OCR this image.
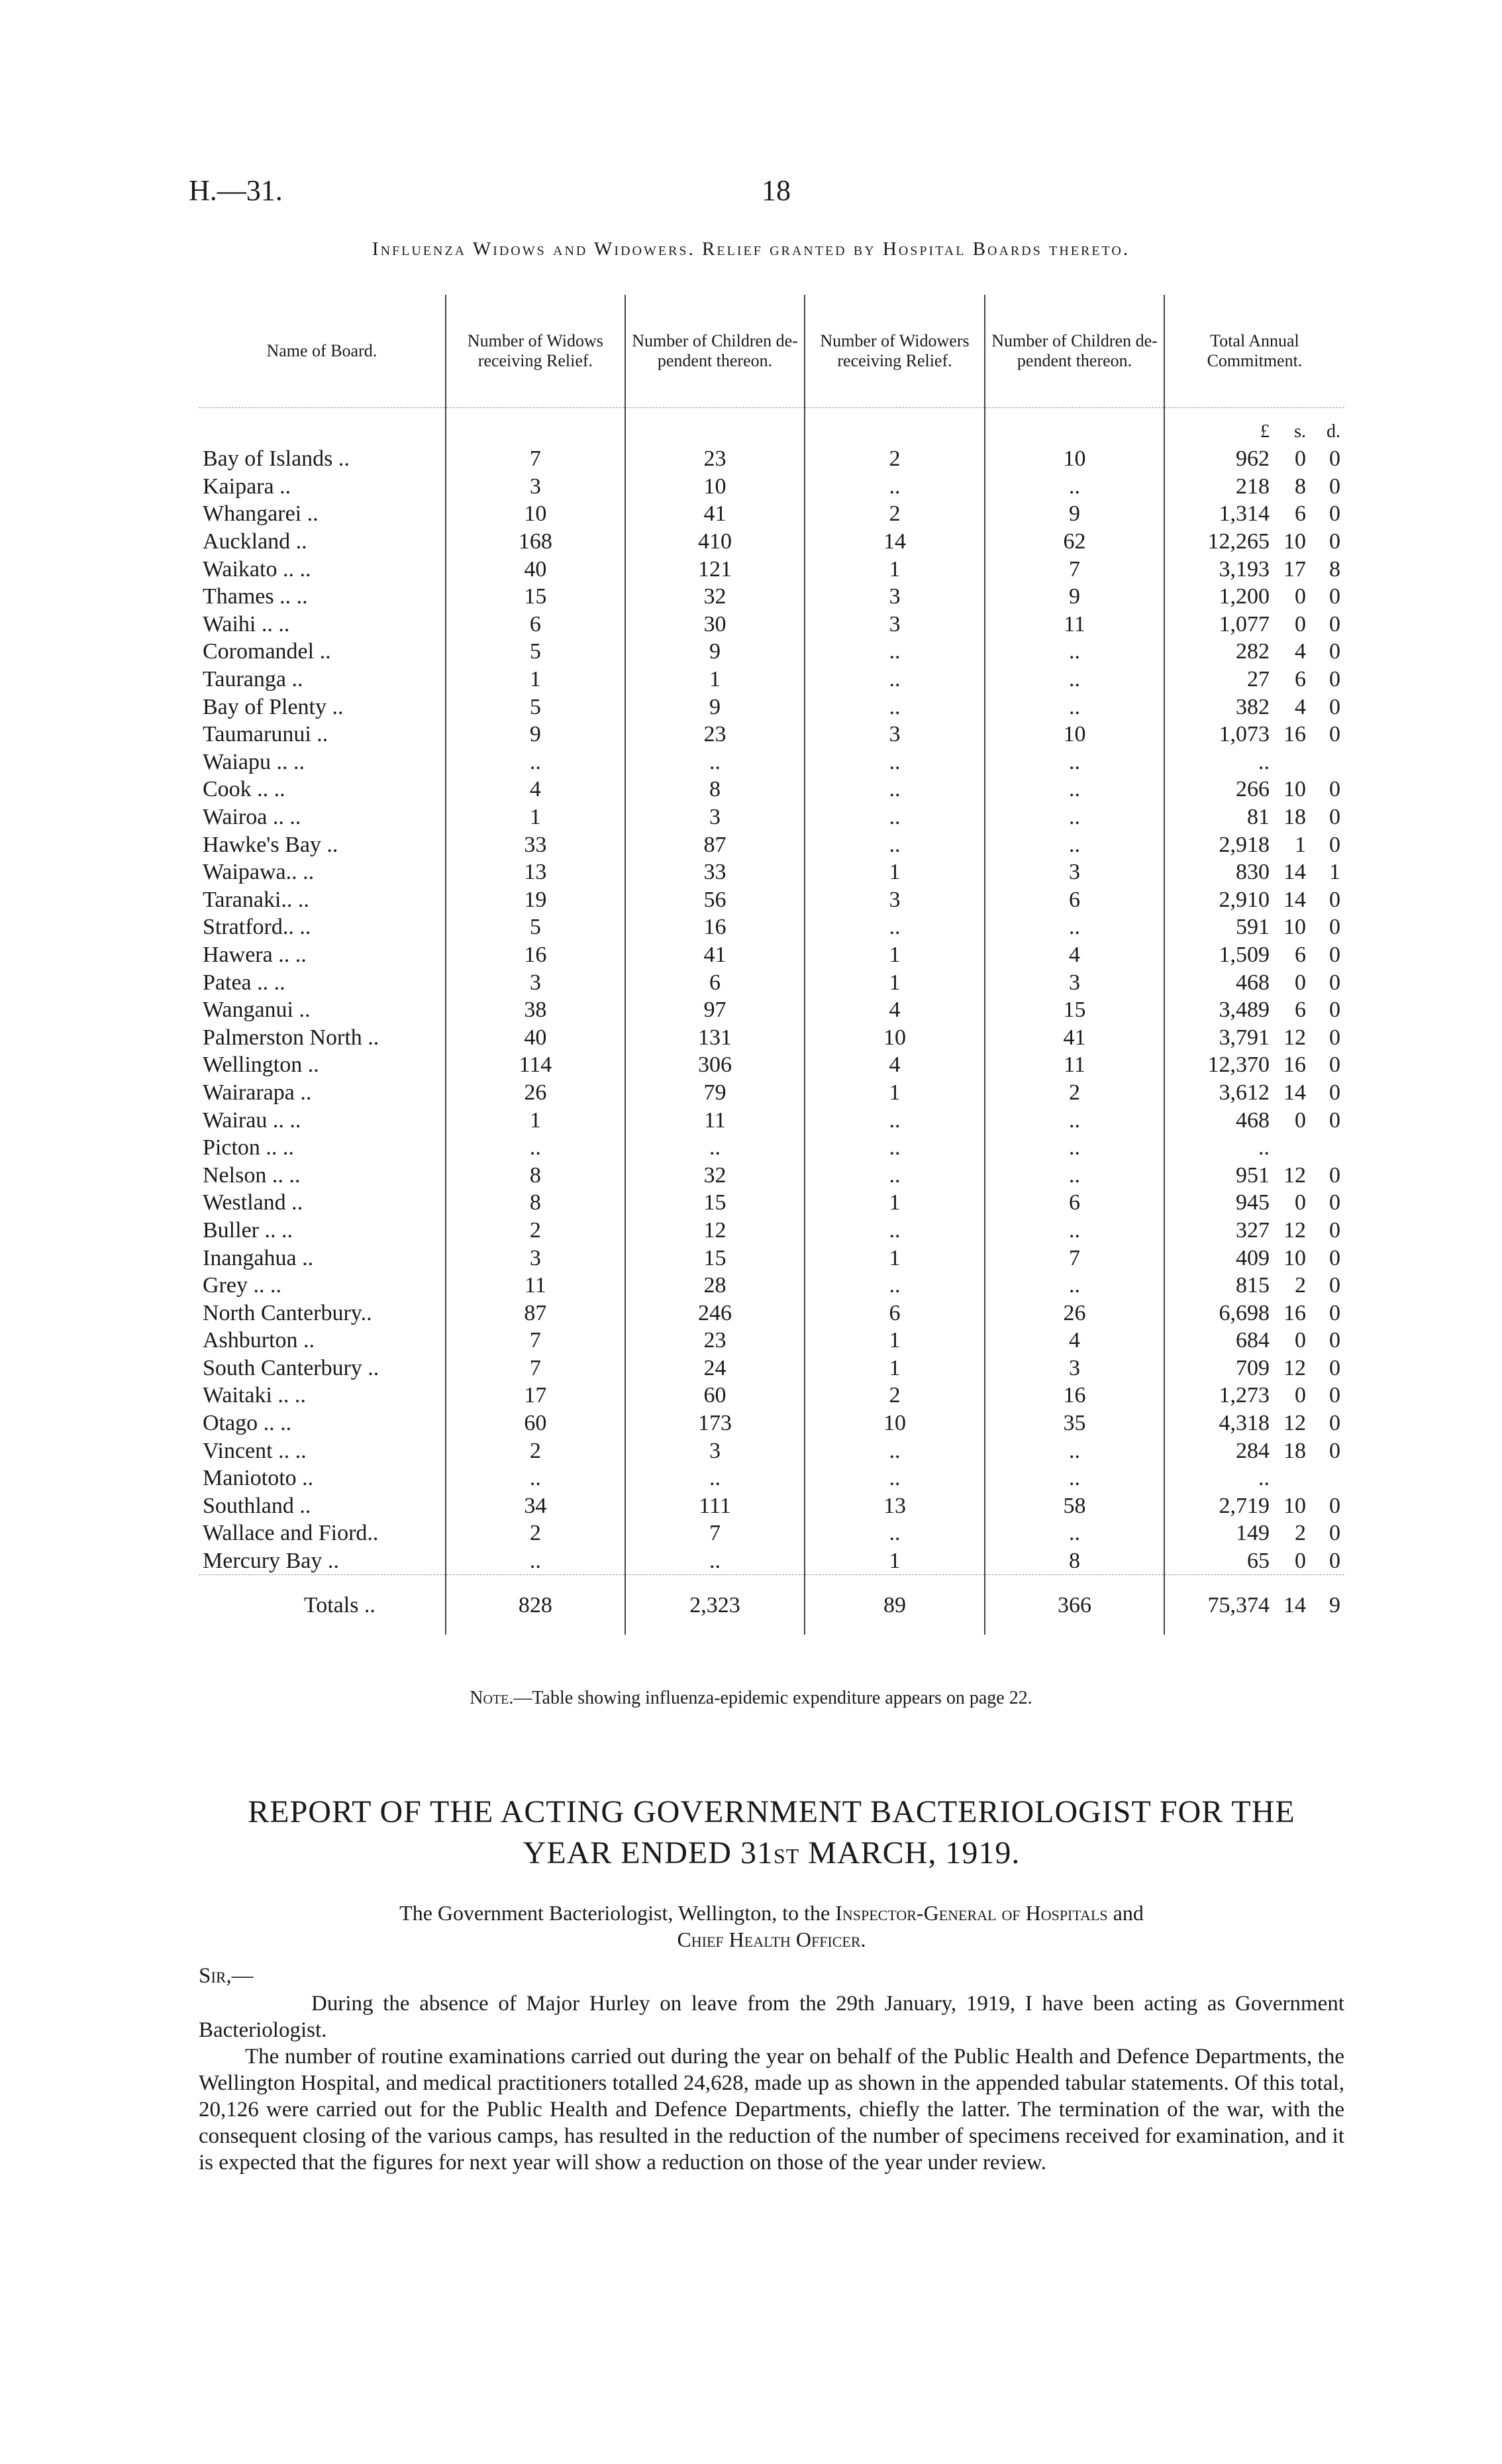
H.—31.	18
Influenza Widows and Widowers. Relief granted by Hospital Boards thereto.
Name of Board.	Number of Widows receiving Relief.	Number of Children de-pendent thereon.	Number of Widowers receiving Relief.	Number of Children de-pendent thereon.	Total Annual Commitment.
					£ s. d.
Bay of Islands ..	7	23	2	10	962 0 0
Kaipara ..	3	10	..	..	218 8 0
Whangarei ..	10	41	2	9	1,314 6 0
Auckland ..	168	410	14	62	12,265 10 0
Waikato .. ..	40	121	1	7	3,193 17 8
Thames .. ..	15	32	3	9	1,200 0 0
Waihi .. ..	6	30	3	11	1,077 0 0
Coromandel ..	5	9	..	..	282 4 0
Tauranga ..	1	1	..	..	27 6 0
Bay of Plenty ..	5	9	..	..	382 4 0
Taumarunui ..	9	23	3	10	1,073 16 0
Waiapu .. ..	..	..	..	..	..
Cook .. ..	4	8	..	..	266 10 0
Wairoa .. ..	1	3	..	..	81 18 0
Hawke's Bay ..	33	87	..	..	2,918 1 0
Waipawa.. ..	13	33	1	3	830 14 1
Taranaki.. ..	19	56	3	6	2,910 14 0
Stratford.. ..	5	16	..	..	591 10 0
Hawera .. ..	16	41	1	4	1,509 6 0
Patea .. ..	3	6	1	3	468 0 0
Wanganui ..	38	97	4	15	3,489 6 0
Palmerston North ..	40	131	10	41	3,791 12 0
Wellington ..	114	306	4	11	12,370 16 0
Wairarapa ..	26	79	1	2	3,612 14 0
Wairau .. ..	1	11	..	..	468 0 0
Picton .. ..	..	..	..	..	..
Nelson .. ..	8	32	..	..	951 12 0
Westland ..	8	15	1	6	945 0 0
Buller .. ..	2	12	..	..	327 12 0
Inangahua ..	3	15	1	7	409 10 0
Grey .. ..	11	28	..	..	815 2 0
North Canterbury..	87	246	6	26	6,698 16 0
Ashburton ..	7	23	1	4	684 0 0
South Canterbury ..	7	24	1	3	709 12 0
Waitaki .. ..	17	60	2	16	1,273 0 0
Otago .. ..	60	173	10	35	4,318 12 0
Vincent .. ..	2	3	..	..	284 18 0
Maniototo ..	..	..	..	..	..
Southland ..	34	111	13	58	2,719 10 0
Wallace and Fiord..	2	7	..	..	149 2 0
Mercury Bay ..	..	..	1	8	65 0 0
Totals ..	828	2,323	89	366	75,374 14 9
Note.—Table showing influenza-epidemic expenditure appears on page 22.
REPORT OF THE ACTING GOVERNMENT BACTERIOLOGIST FOR THE
YEAR ENDED 31ST MARCH, 1919.
The Government Bacteriologist, Wellington, to the Inspector-General of Hospitals and
Chief Health Officer.
Sir,—

During the absence of Major Hurley on leave from the 29th January, 1919, I have been acting as Government Bacteriologist.

The number of routine examinations carried out during the year on behalf of the Public Health and Defence Departments, the Wellington Hospital, and medical practitioners totalled 24,628, made up as shown in the appended tabular statements. Of this total, 20,126 were carried out for the Public Health and Defence Departments, chiefly the latter. The termination of the war, with the consequent closing of the various camps, has resulted in the reduction of the number of specimens received for examination, and it is expected that the figures for next year will show a reduction on those of the year under review.
